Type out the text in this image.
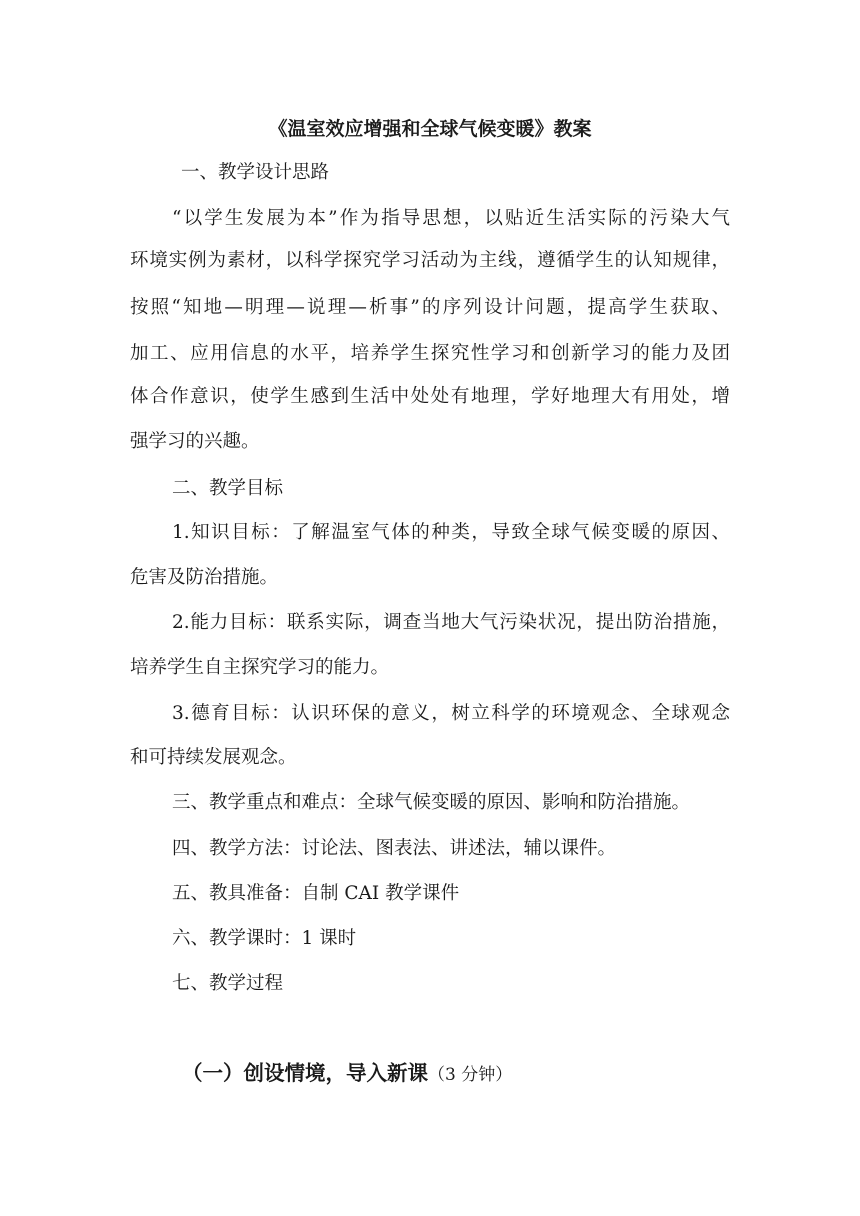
《温室效应增强和全球气候变暖》教案
一、教学设计思路
“以学生发展为本”作为指导思想，以贴近生活实际的污染大气
环境实例为素材，以科学探究学习活动为主线，遵循学生的认知规律，
按照“知地—明理—说理—析事”的序列设计问题，提高学生获取、
加工、应用信息的水平，培养学生探究性学习和创新学习的能力及团
体合作意识，使学生感到生活中处处有地理，学好地理大有用处，增
强学习的兴趣。
二、教学目标
1.知识目标：了解温室气体的种类，导致全球气候变暖的原因、
危害及防治措施。
2.能力目标：联系实际，调查当地大气污染状况，提出防治措施，
培养学生自主探究学习的能力。
3.德育目标：认识环保的意义，树立科学的环境观念、全球观念
和可持续发展观念。
三、教学重点和难点：全球气候变暖的原因、影响和防治措施。
四、教学方法：讨论法、图表法、讲述法，辅以课件。
五、教具准备：自制 CAI 教学课件
六、教学课时：1 课时
七、教学过程
（一）创设情境，导入新课（3 分钟）
